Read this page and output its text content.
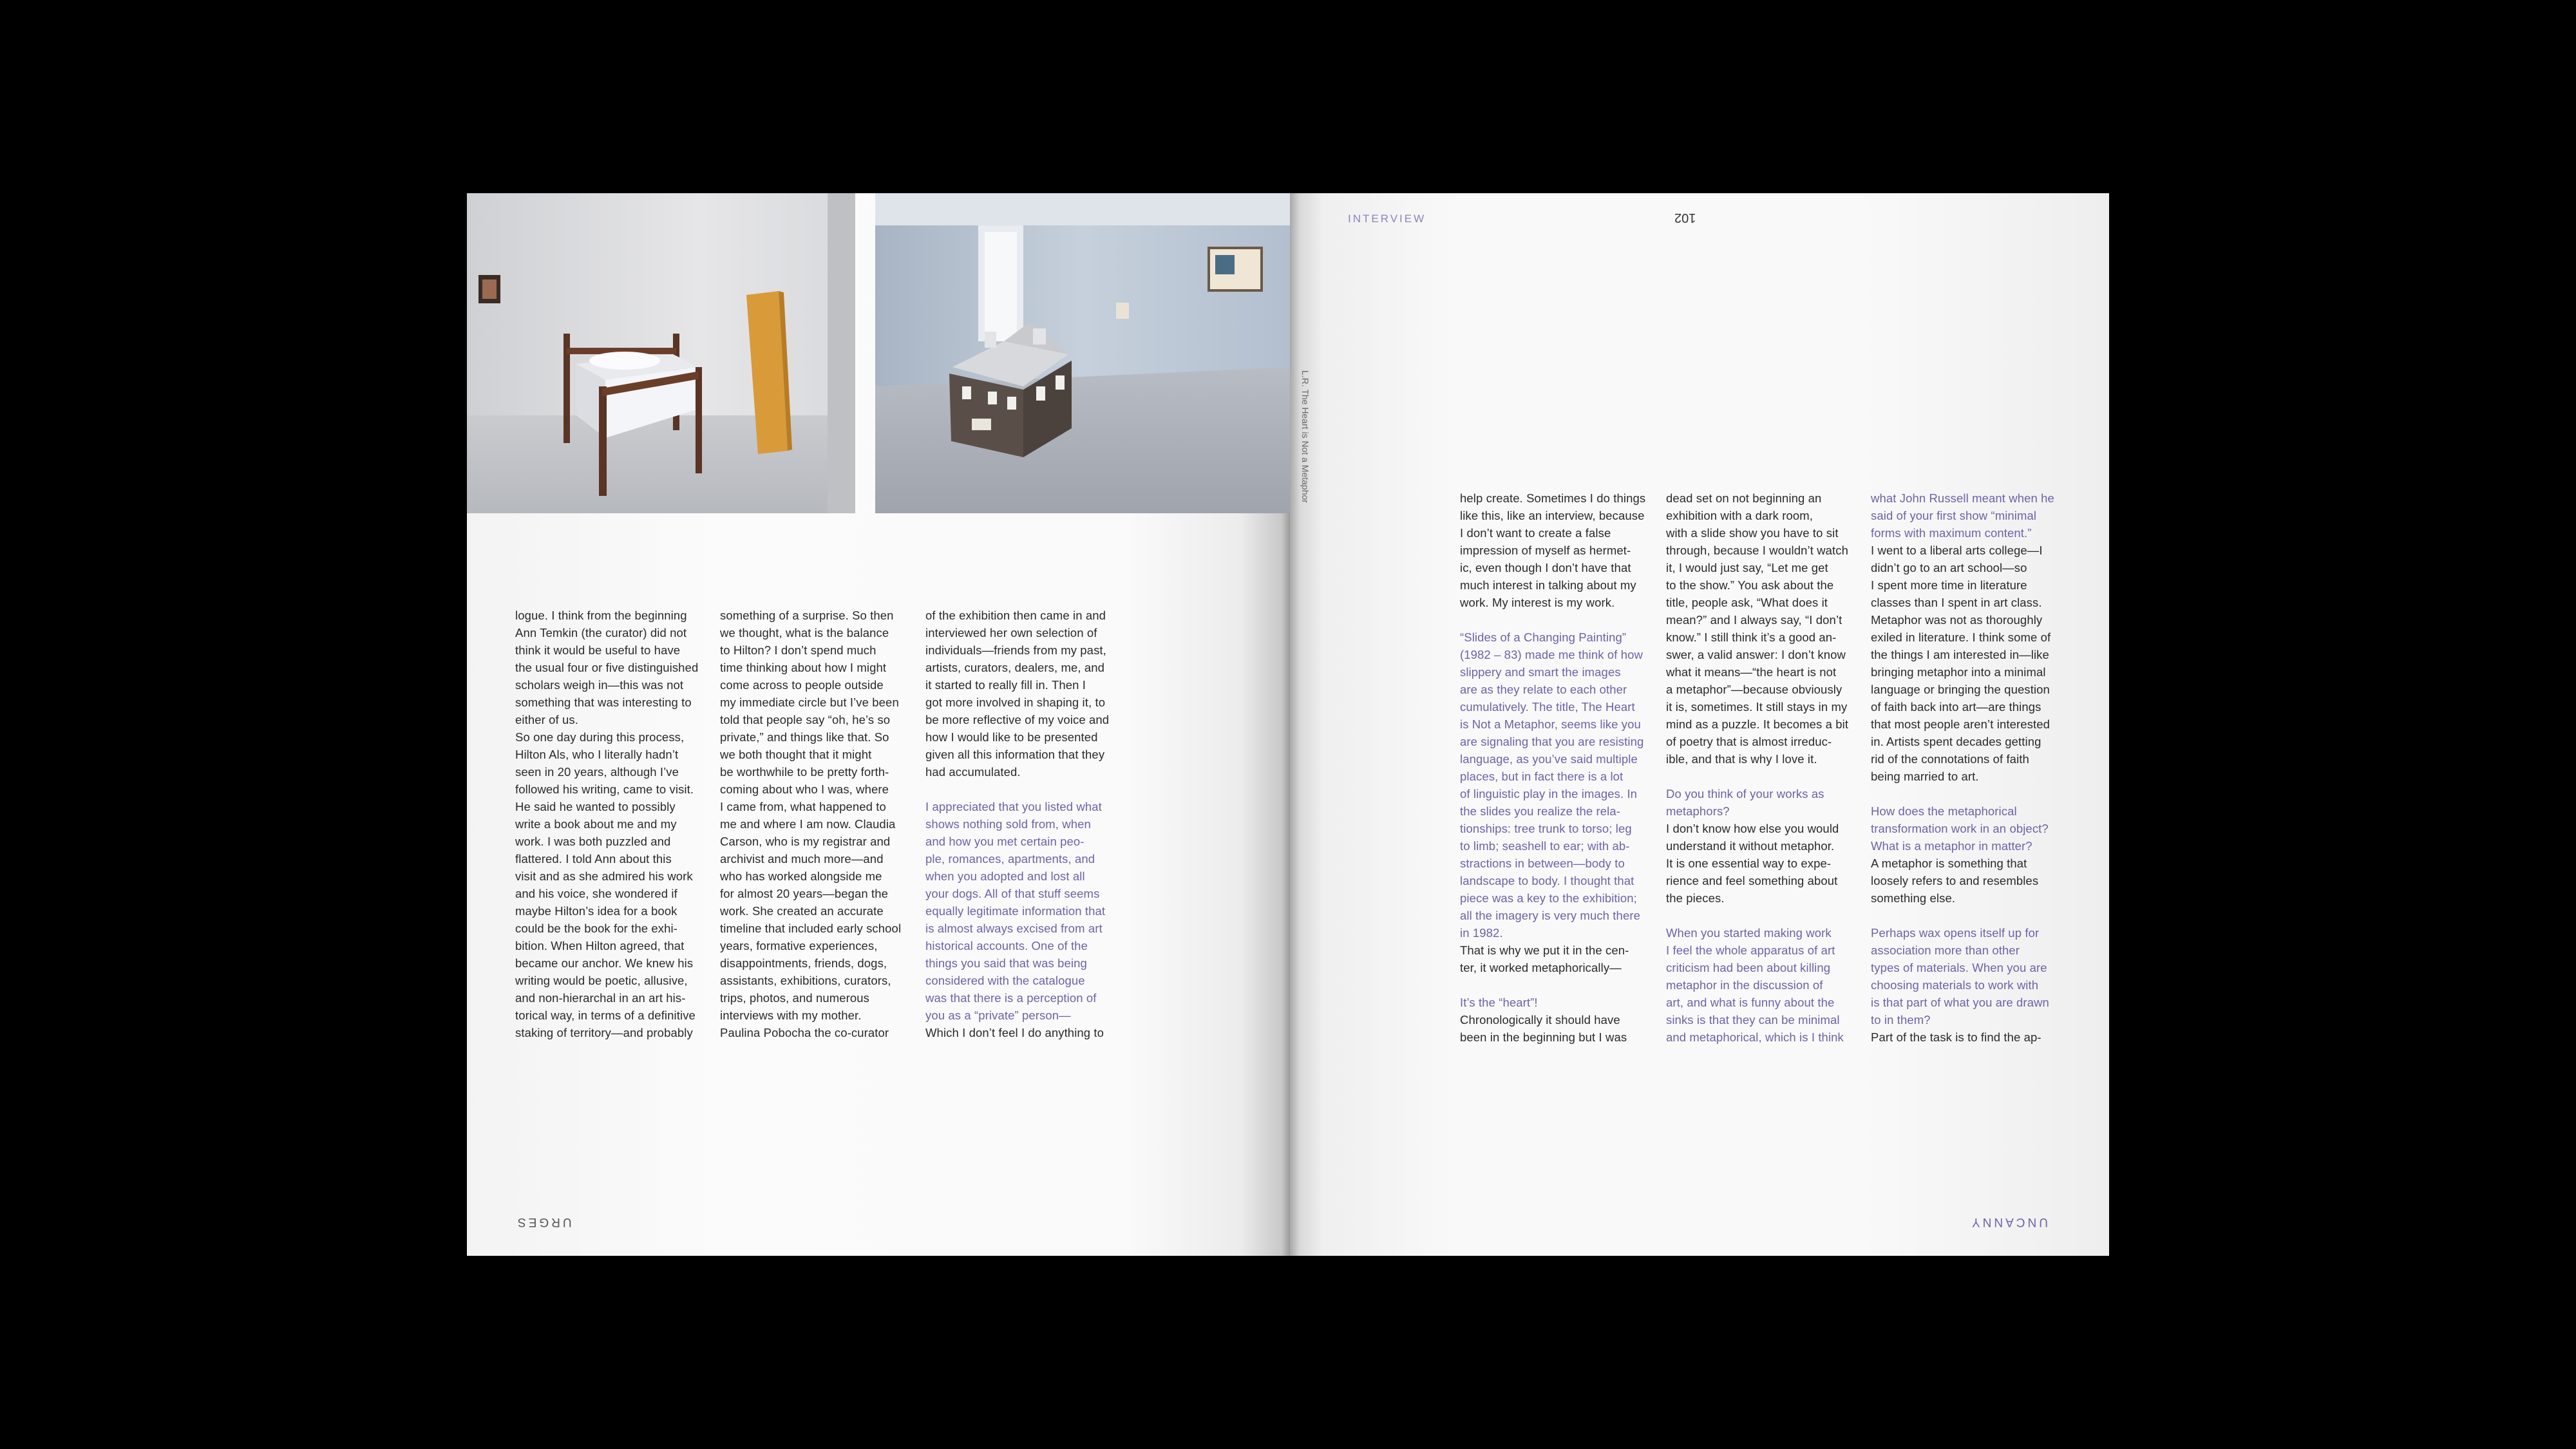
logue. I think from the beginning

Ann Temkin (the curator) did not

think it would be useful to have

the usual four or five distinguished

scholars weigh in—this was not

something that was interesting to

either of us.

So one day during this process,

Hilton Als, who I literally hadn’t

seen in 20 years, although I’ve

followed his writing, came to visit.

He said he wanted to possibly

write a book about me and my

work. I was both puzzled and

flattered. I told Ann about this

visit and as she admired his work

and his voice, she wondered if

maybe Hilton’s idea for a book

could be the book for the exhi-

bition. When Hilton agreed, that

became our anchor. We knew his

writing would be poetic, allusive,

and non-hierarchal in an art his-

torical way, in terms of a definitive

staking of territory—and probably

something of a surprise. So then

we thought, what is the balance

to Hilton? I don’t spend much

time thinking about how I might

come across to people outside

my immediate circle but I’ve been

told that people say “oh, he’s so

private,” and things like that. So

we both thought that it might

be worthwhile to be pretty forth-

coming about who I was, where

I came from, what happened to

me and where I am now. Claudia

Carson, who is my registrar and

archivist and much more—and

who has worked alongside me

for almost 20 years—began the

work. She created an accurate

timeline that included early school

years, formative experiences,

disappointments, friends, dogs,

assistants, exhibitions, curators,

trips, photos, and numerous

interviews with my mother.

Paulina Pobocha the co-curator

of the exhibition then came in and

interviewed her own selection of

individuals—friends from my past,

artists, curators, dealers, me, and

it started to really fill in. Then I

got more involved in shaping it, to

be more reflective of my voice and

how I would like to be presented

given all this information that they

had accumulated.

I appreciated that you listed what

shows nothing sold from, when

and how you met certain peo-

ple, romances, apartments, and

when you adopted and lost all

your dogs. All of that stuff seems

equally legitimate information that

is almost always excised from art

historical accounts. One of the

things you said that was being

considered with the catalogue

was that there is a perception of

you as a “private” person—

Which I don’t feel I do anything to

URGES
INTERVIEW	102
L.R. The Heart is Not a Metaphor	help create. Sometimes I do things

like this, like an interview, because

I don’t want to create a false

impression of myself as hermet-

ic, even though I don’t have that

much interest in talking about my

work. My interest is my work.

“Slides of a Changing Painting”

(1982 – 83) made me think of how

slippery and smart the images

are as they relate to each other

cumulatively. The title, The Heart

is Not a Metaphor, seems like you

are signaling that you are resisting

language, as you’ve said multiple

places, but in fact there is a lot

of linguistic play in the images. In

the slides you realize the rela-

tionships: tree trunk to torso; leg

to limb; seashell to ear; with ab-

stractions in between—body to

landscape to body. I thought that

piece was a key to the exhibition;

all the imagery is very much there

in 1982.

That is why we put it in the cen-

ter, it worked metaphorically—

It’s the “heart”!

Chronologically it should have

been in the beginning but I was

dead set on not beginning an

exhibition with a dark room,

with a slide show you have to sit

through, because I wouldn’t watch

it, I would just say, “Let me get

to the show.” You ask about the

title, people ask, “What does it

mean?” and I always say, “I don’t

know.” I still think it’s a good an-

swer, a valid answer: I don’t know

what it means—“the heart is not

a metaphor”—because obviously

it is, sometimes. It still stays in my

mind as a puzzle. It becomes a bit

of poetry that is almost irreduc-

ible, and that is why I love it.

Do you think of your works as

metaphors?

I don’t know how else you would

understand it without metaphor.

It is one essential way to expe-

rience and feel something about

the pieces.

When you started making work

I feel the whole apparatus of art

criticism had been about killing

metaphor in the discussion of

art, and what is funny about the

sinks is that they can be minimal

and metaphorical, which is I think

what John Russell meant when he

said of your first show “minimal

forms with maximum content.”

I went to a liberal arts college—I

didn’t go to an art school—so

I spent more time in literature

classes than I spent in art class.

Metaphor was not as thoroughly

exiled in literature. I think some of

the things I am interested in—like

bringing metaphor into a minimal

language or bringing the question

of faith back into art—are things

that most people aren’t interested

in. Artists spent decades getting

rid of the connotations of faith

being married to art.

How does the metaphorical

transformation work in an object?

What is a metaphor in matter?

A metaphor is something that

loosely refers to and resembles

something else.

Perhaps wax opens itself up for

association more than other

types of materials. When you are

choosing materials to work with

is that part of what you are drawn

to in them?

Part of the task is to find the ap-

UNCANNY
